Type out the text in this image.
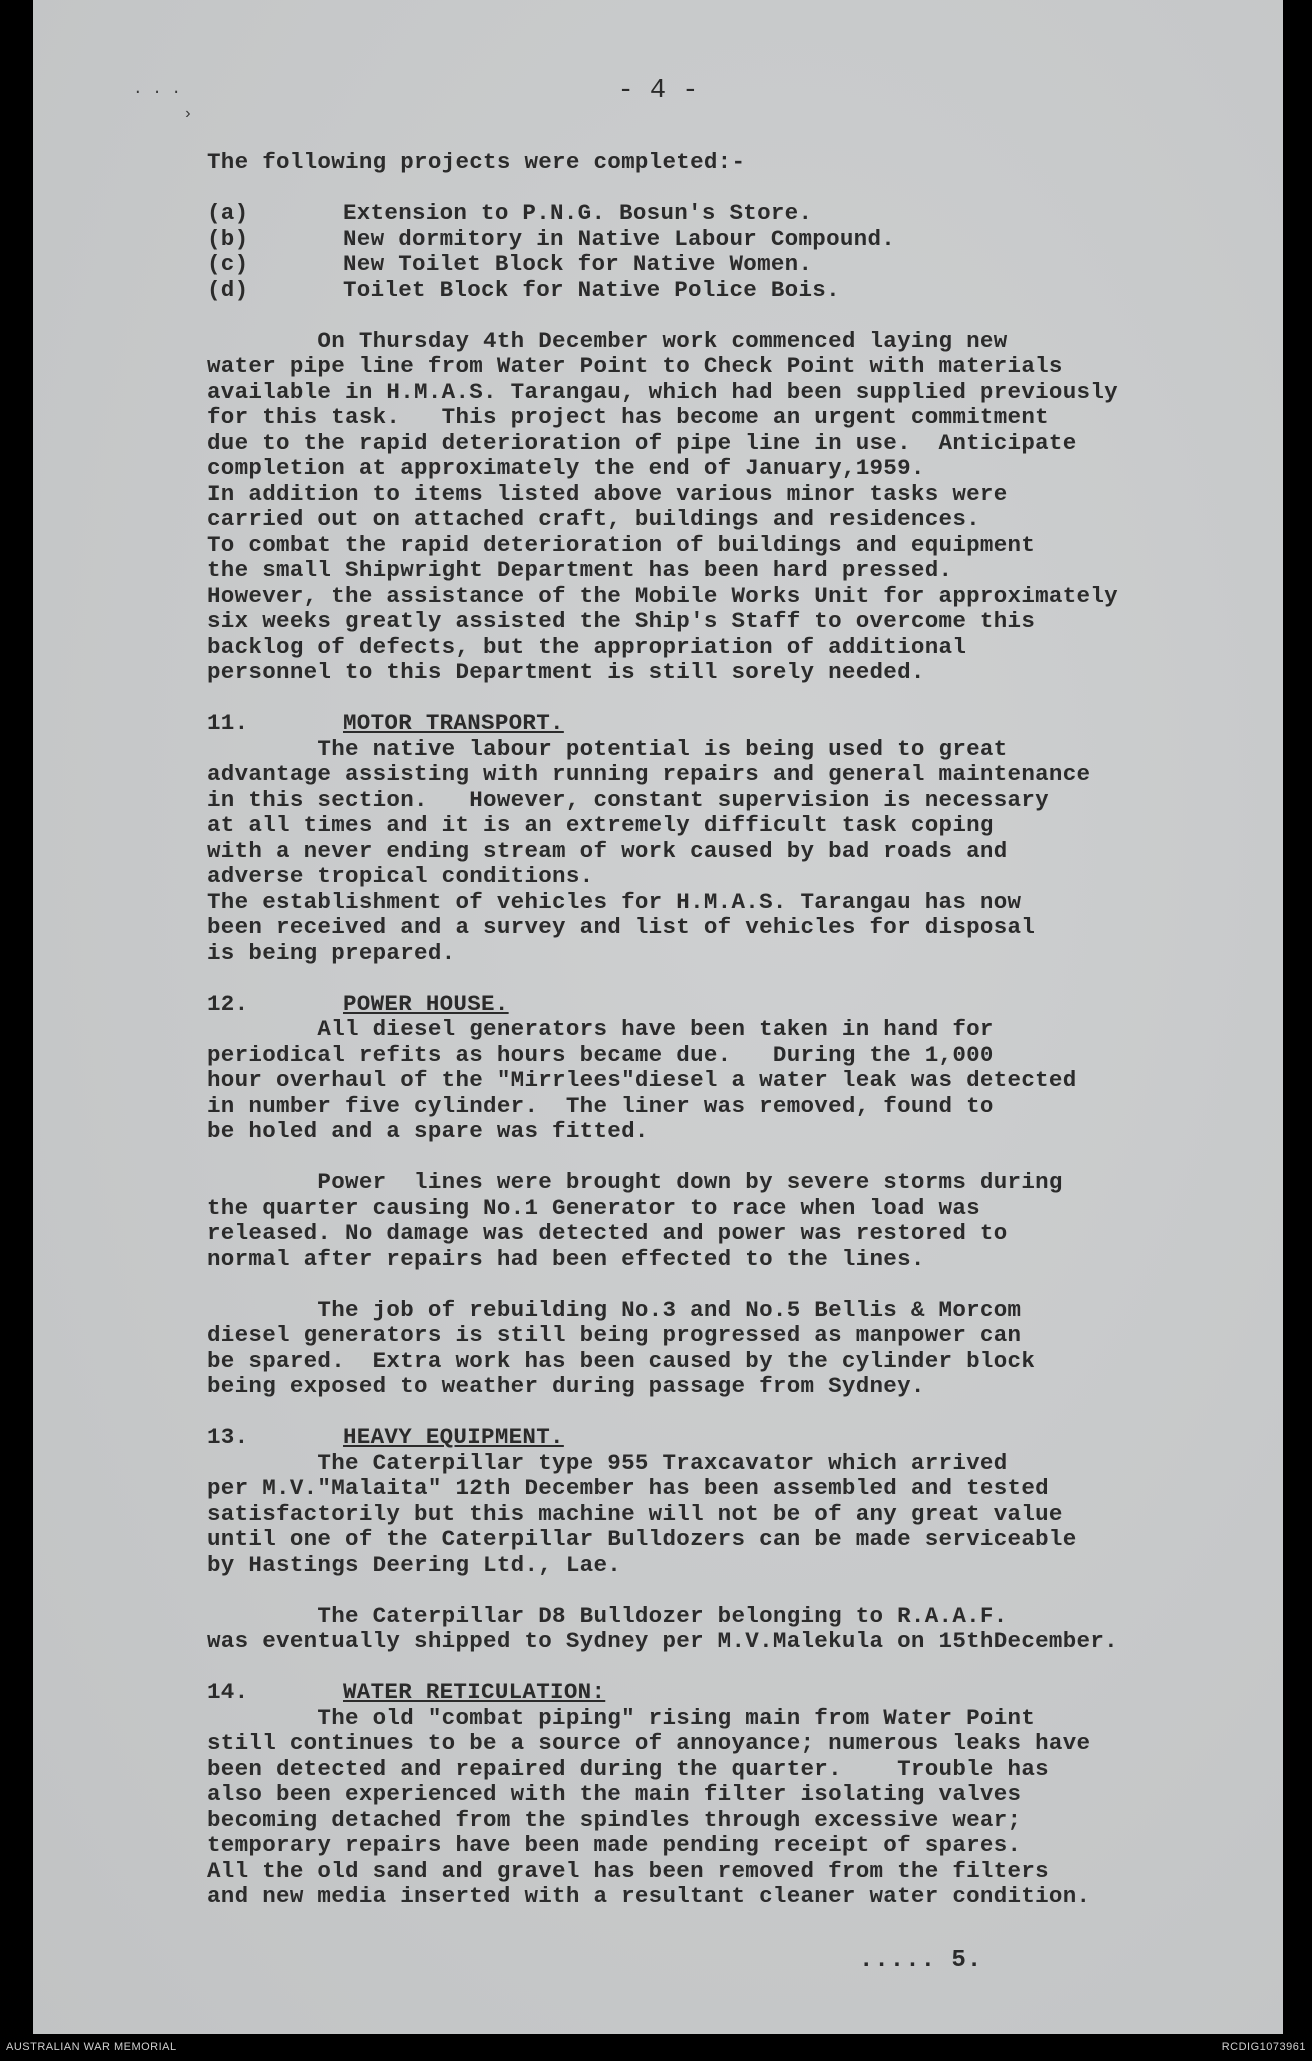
. . .
›
- 4 -
The following projects were completed:-
(a)	Extension to P.N.G. Bosun's Store.
(b)	New dormitory in Native Labour Compound.
(c)	New Toilet Block for Native Women.
(d)	Toilet Block for Native Police Bois.
On Thursday 4th December work commenced laying new
water pipe line from Water Point to Check Point with materials
available in H.M.A.S. Tarangau, which had been supplied previously
for this task.   This project has become an urgent commitment
due to the rapid deterioration of pipe line in use.  Anticipate
completion at approximately the end of January,1959.
In addition to items listed above various minor tasks were
carried out on attached craft, buildings and residences.
To combat the rapid deterioration of buildings and equipment
the small Shipwright Department has been hard pressed.
However, the assistance of the Mobile Works Unit for approximately
six weeks greatly assisted the Ship's Staff to overcome this
backlog of defects, but the appropriation of additional
personnel to this Department is still sorely needed.
11.	MOTOR TRANSPORT.
The native labour potential is being used to great
advantage assisting with running repairs and general maintenance
in this section.   However, constant supervision is necessary
at all times and it is an extremely difficult task coping
with a never ending stream of work caused by bad roads and
adverse tropical conditions.
The establishment of vehicles for H.M.A.S. Tarangau has now
been received and a survey and list of vehicles for disposal
is being prepared.
12.	POWER HOUSE.
All diesel generators have been taken in hand for
periodical refits as hours became due.   During the 1,000
hour overhaul of the "Mirrlees"diesel a water leak was detected
in number five cylinder.  The liner was removed, found to
be holed and a spare was fitted.
Power  lines were brought down by severe storms during
the quarter causing No.1 Generator to race when load was
released. No damage was detected and power was restored to
normal after repairs had been effected to the lines.
The job of rebuilding No.3 and No.5 Bellis & Morcom
diesel generators is still being progressed as manpower can
be spared.  Extra work has been caused by the cylinder block
being exposed to weather during passage from Sydney.
13.	HEAVY EQUIPMENT.
The Caterpillar type 955 Traxcavator which arrived
per M.V."Malaita" 12th December has been assembled and tested
satisfactorily but this machine will not be of any great value
until one of the Caterpillar Bulldozers can be made serviceable
by Hastings Deering Ltd., Lae.
The Caterpillar D8 Bulldozer belonging to R.A.A.F.
was eventually shipped to Sydney per M.V.Malekula on 15thDecember.
14.	WATER RETICULATION:
The old "combat piping" rising main from Water Point
still continues to be a source of annoyance; numerous leaks have
been detected and repaired during the quarter.    Trouble has
also been experienced with the main filter isolating valves
becoming detached from the spindles through excessive wear;
temporary repairs have been made pending receipt of spares.
All the old sand and gravel has been removed from the filters
and new media inserted with a resultant cleaner water condition.
..... 5.
AUSTRALIAN WAR MEMORIAL	RCDIG1073961
